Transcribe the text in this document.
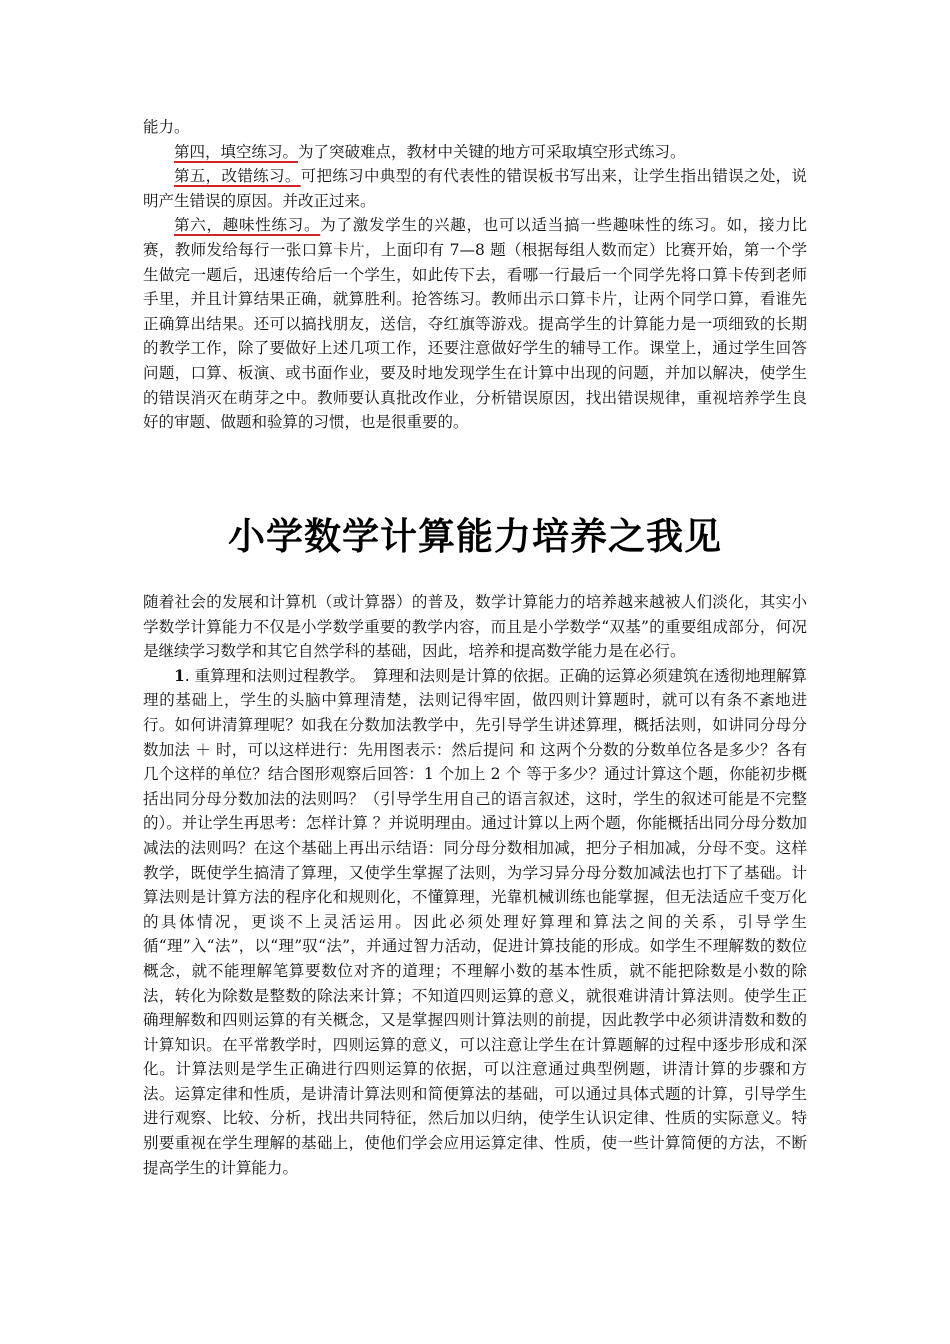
能力。

第四，填空练习。为了突破难点，教材中关键的地方可采取填空形式练习。

第五，改错练习。可把练习中典型的有代表性的错误板书写出来，让学生指出错误之处，说明产生错误的原因。并改正过来。

第六，趣味性练习。为了激发学生的兴趣，也可以适当搞一些趣味性的练习。如，接力比赛，教师发给每行一张口算卡片，上面印有 7—8 题（根据每组人数而定）比赛开始，第一个学生做完一题后，迅速传给后一个学生，如此传下去，看哪一行最后一个同学先将口算卡传到老师手里，并且计算结果正确，就算胜利。抢答练习。教师出示口算卡片，让两个同学口算，看谁先正确算出结果。还可以搞找朋友，送信，夺红旗等游戏。提高学生的计算能力是一项细致的长期的教学工作，除了要做好上述几项工作，还要注意做好学生的辅导工作。课堂上，通过学生回答问题，口算、板演、或书面作业，要及时地发现学生在计算中出现的问题，并加以解决，使学生的错误消灭在萌芽之中。教师要认真批改作业，分析错误原因，找出错误规律，重视培养学生良好的审题、做题和验算的习惯，也是很重要的。

小学数学计算能力培养之我见

随着社会的发展和计算机（或计算器）的普及，数学计算能力的培养越来越被人们淡化，其实小学数学计算能力不仅是小学数学重要的教学内容，而且是小学数学“双基”的重要组成部分，何况是继续学习数学和其它自然学科的基础，因此，培养和提高数学能力是在必行。

1. 重算理和法则过程教学。　算理和法则是计算的依据。正确的运算必须建筑在透彻地理解算理的基础上，学生的头脑中算理清楚，法则记得牢固，做四则计算题时，就可以有条不紊地进行。如何讲清算理呢？如我在分数加法教学中，先引导学生讲述算理，概括法则，如讲同分母分数加法 ＋ 时，可以这样进行：先用图表示：然后提问 和 这两个分数的分数单位各是多少？各有几个这样的单位？结合图形观察后回答：1 个加上 2 个 等于多少？通过计算这个题，你能初步概括出同分母分数加法的法则吗？（引导学生用自己的语言叙述，这时，学生的叙述可能是不完整的）。并让学生再思考：怎样计算 ？并说明理由。通过计算以上两个题，你能概括出同分母分数加减法的法则吗？在这个基础上再出示结语：同分母分数相加减，把分子相加减，分母不变。这样教学，既使学生搞清了算理，又使学生掌握了法则，为学习异分母分数加减法也打下了基础。计算法则是计算方法的程序化和规则化，不懂算理，光靠机械训练也能掌握，但无法适应千变万化的具体情况，更谈不上灵活运用。因此必须处理好算理和算法之间的关系，引导学生循“理”入“法”，以“理”驭“法”，并通过智力活动，促进计算技能的形成。如学生不理解数的数位概念，就不能理解笔算要数位对齐的道理；不理解小数的基本性质，就不能把除数是小数的除法，转化为除数是整数的除法来计算；不知道四则运算的意义，就很难讲清计算法则。使学生正确理解数和四则运算的有关概念，又是掌握四则计算法则的前提，因此教学中必须讲清数和数的计算知识。在平常教学时，四则运算的意义，可以注意让学生在计算题解的过程中逐步形成和深化。计算法则是学生正确进行四则运算的依据，可以注意通过典型例题，讲清计算的步骤和方法。运算定律和性质，是讲清计算法则和简便算法的基础，可以通过具体式题的计算，引导学生进行观察、比较、分析，找出共同特征，然后加以归纳，使学生认识定律、性质的实际意义。特别要重视在学生理解的基础上，使他们学会应用运算定律、性质，使一些计算简便的方法，不断提高学生的计算能力。
